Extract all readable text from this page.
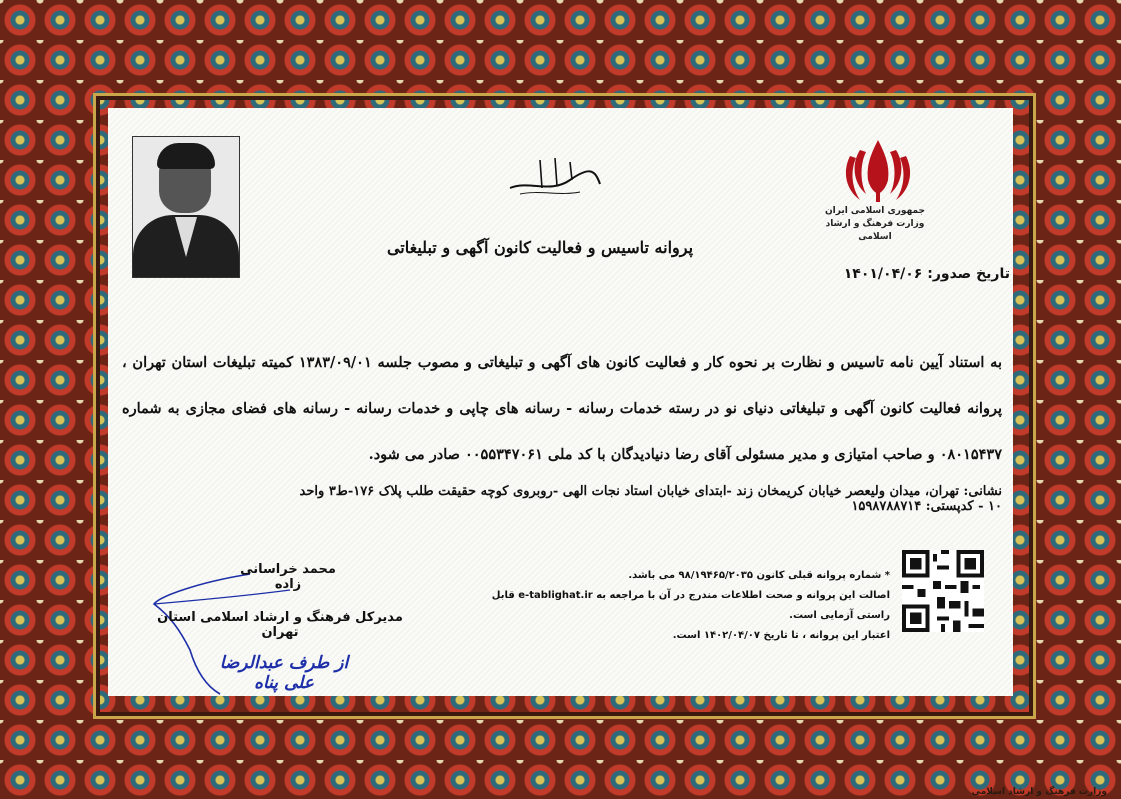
جمهوری اسلامی ایران
وزارت فرهنگ و ارشاد اسلامی
پروانه تاسیس و فعالیت کانون آگهی و تبلیغاتی
تاریخ صدور: ۱۴۰۱/۰۴/۰۶
به استناد آیین نامه تاسیس و نظارت بر نحوه کار و فعالیت کانون های آگهی و تبلیغاتی و مصوب جلسه ۱۳۸۳/۰۹/۰۱ کمیته تبلیغات استان تهران ، پروانه فعالیت کانون آگهی و تبلیغاتی دنیای نو در رسته خدمات رسانه - رسانه های چاپی و خدمات رسانه - رسانه های فضای مجازی به شماره ۰۸۰۱۵۴۳۷ و صاحب امتیازی و مدیر مسئولی آقای رضا دنیادیدگان با کد ملی ۰۰۵۵۳۴۷۰۶۱ صادر می شود.
نشانی: تهران، میدان ولیعصر خیابان کریمخان زند -ابتدای خیابان استاد نجات الهی -روبروی کوچه حقیقت طلب پلاک ۱۷۶-ط۳ واحد ۱۰ - کدپستی: ۱۵۹۸۷۸۸۷۱۴
* شماره پروانه قبلی کانون ۹۸/۱۹۴۶۵/۲۰۳۵ می باشد.
اصالت این پروانه و صحت اطلاعات مندرج در آن با مراجعه به e-tablighat.ir قابل راستی آزمایی است.
اعتبار این پروانه ، تا تاریخ ۱۴۰۲/۰۴/۰۷ است.
محمد خراسانی زاده
مدیرکل فرهنگ و ارشاد اسلامی استان تهران
از طرف عبدالرضا علی پناه
وزارت فرهنگ و ارشاد اسلامی
